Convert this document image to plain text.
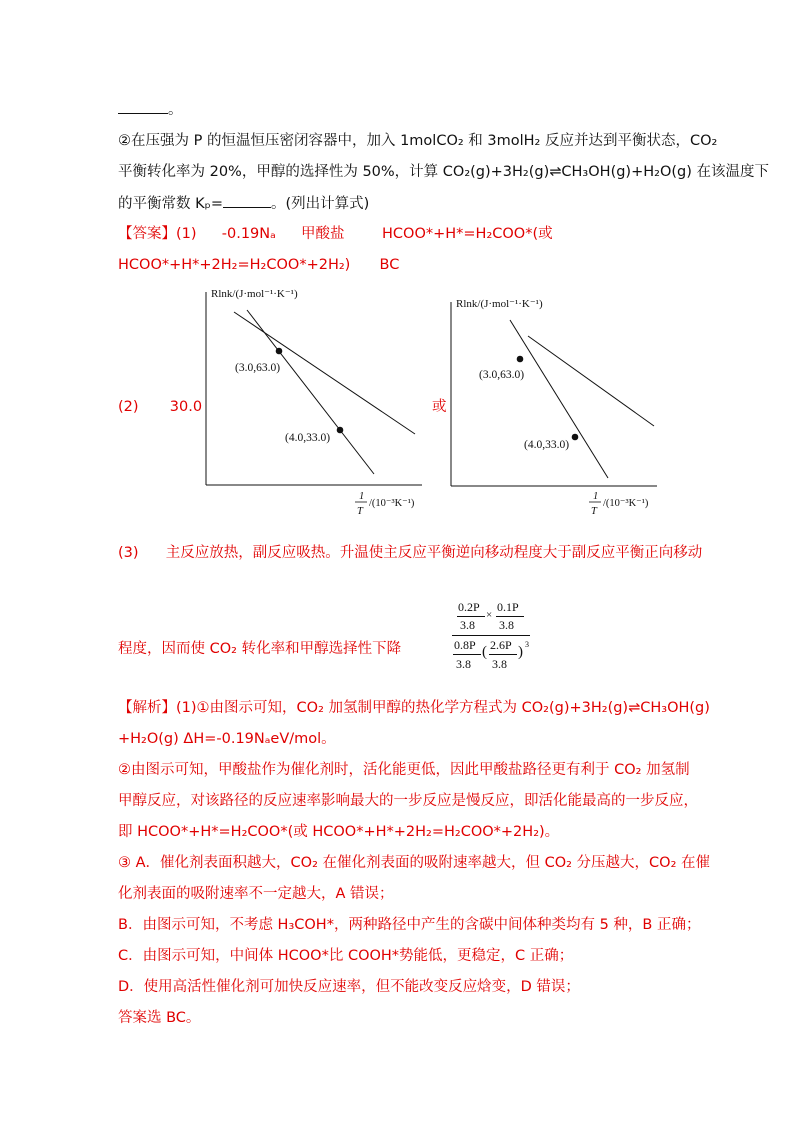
。
②在压强为 P 的恒温恒压密闭容器中，加入 1molCO₂ 和 3molH₂ 反应并达到平衡状态，CO₂
平衡转化率为 20%，甲醇的选择性为 50%，计算 CO₂(g)+3H₂(g)⇌CH₃OH(g)+H₂O(g) 在该温度下
的平衡常数 Kₚ=	。(列出计算式)
【答案】(1) -0.19Nₐ 甲酸盐	HCOO*+H*=H₂COO*(或
HCOO*+H*+2H₂=H₂COO*+2H₂) BC
(2) 30.0	或
Rlnk/(J·mol⁻¹·K⁻¹)
(3.0,63.0)
(4.0,33.0)
1
T
/(10⁻³K⁻¹)
Rlnk/(J·mol⁻¹·K⁻¹)
(3.0,63.0)
(4.0,33.0)
1
T
/(10⁻³K⁻¹)
(3) 主反应放热，副反应吸热。升温使主反应平衡逆向移动程度大于副反应平衡正向移动
程度，因而使 CO₂ 转化率和甲醇选择性下降
0.2P
3.8
×
0.1P
3.8
0.8P
3.8
( 2.6P
3.8
) 3
【解析】(1)①由图示可知，CO₂ 加氢制甲醇的热化学方程式为 CO₂(g)+3H₂(g)⇌CH₃OH(g)
+H₂O(g) ΔH=-0.19NₐeV/mol。
②由图示可知，甲酸盐作为催化剂时，活化能更低，因此甲酸盐路径更有利于 CO₂ 加氢制
甲醇反应，对该路径的反应速率影响最大的一步反应是慢反应，即活化能最高的一步反应，
即 HCOO*+H*=H₂COO*(或 HCOO*+H*+2H₂=H₂COO*+2H₂)。
③ A．催化剂表面积越大，CO₂ 在催化剂表面的吸附速率越大，但 CO₂ 分压越大，CO₂ 在催
化剂表面的吸附速率不一定越大，A 错误；
B．由图示可知，不考虑 H₃COH*，两种路径中产生的含碳中间体种类均有 5 种，B 正确；
C．由图示可知，中间体 HCOO*比 COOH*势能低，更稳定，C 正确；
D．使用高活性催化剂可加快反应速率，但不能改变反应焓变，D 错误；
答案选 BC。
